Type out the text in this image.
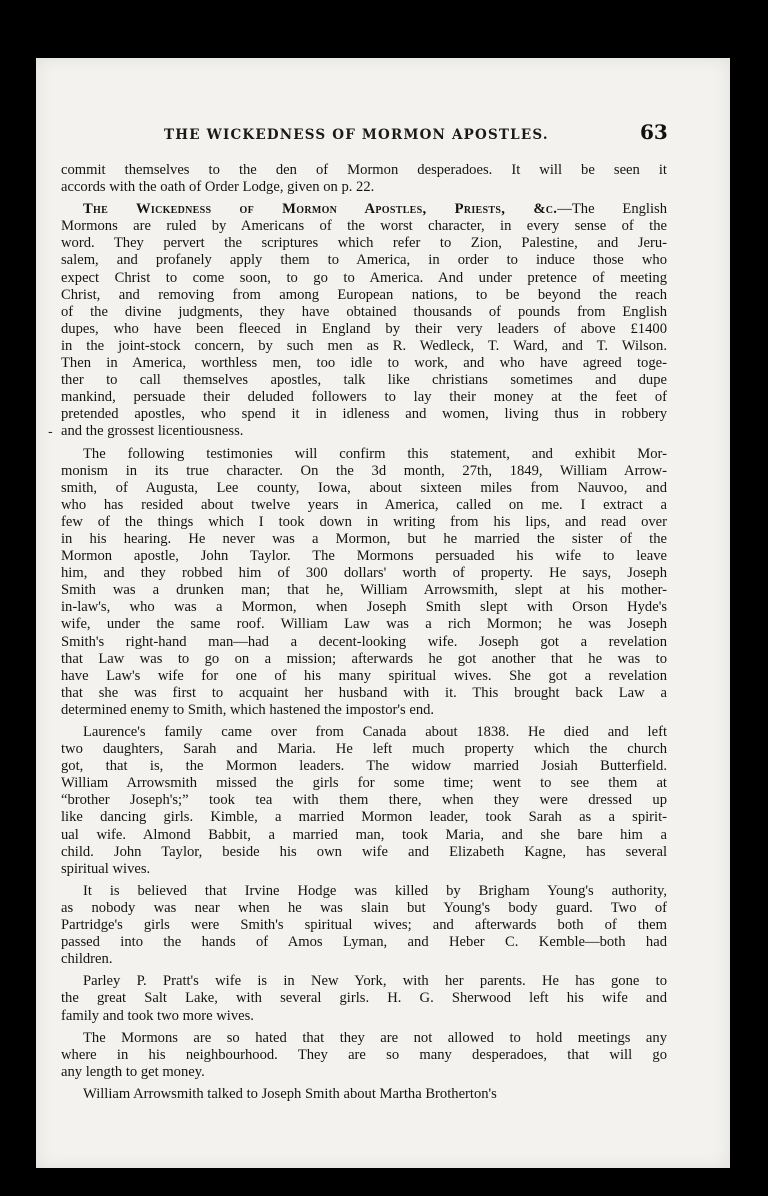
THE WICKEDNESS OF MORMON APOSTLES.	63
-
commit themselves to the den of Mormon desperadoes. It will be seen it
accords with the oath of Order Lodge, given on p. 22.
The Wickedness of Mormon Apostles, Priests, &c.—The English
Mormons are ruled by Americans of the worst character, in every sense of the
word. They pervert the scriptures which refer to Zion, Palestine, and Jeru-
salem, and profanely apply them to America, in order to induce those who
expect Christ to come soon, to go to America. And under pretence of meeting
Christ, and removing from among European nations, to be beyond the reach
of the divine judgments, they have obtained thousands of pounds from English
dupes, who have been fleeced in England by their very leaders of above £1400
in the joint-stock concern, by such men as R. Wedleck, T. Ward, and T. Wilson.
Then in America, worthless men, too idle to work, and who have agreed toge-
ther to call themselves apostles, talk like christians sometimes and dupe
mankind, persuade their deluded followers to lay their money at the feet of
pretended apostles, who spend it in idleness and women, living thus in robbery
and the grossest licentiousness.
The following testimonies will confirm this statement, and exhibit Mor-
monism in its true character. On the 3d month, 27th, 1849, William Arrow-
smith, of Augusta, Lee county, Iowa, about sixteen miles from Nauvoo, and
who has resided about twelve years in America, called on me. I extract a
few of the things which I took down in writing from his lips, and read over
in his hearing. He never was a Mormon, but he married the sister of the
Mormon apostle, John Taylor. The Mormons persuaded his wife to leave
him, and they robbed him of 300 dollars' worth of property. He says, Joseph
Smith was a drunken man; that he, William Arrowsmith, slept at his mother-
in-law's, who was a Mormon, when Joseph Smith slept with Orson Hyde's
wife, under the same roof. William Law was a rich Mormon; he was Joseph
Smith's right-hand man—had a decent-looking wife. Joseph got a revelation
that Law was to go on a mission; afterwards he got another that he was to
have Law's wife for one of his many spiritual wives. She got a revelation
that she was first to acquaint her husband with it. This brought back Law a
determined enemy to Smith, which hastened the impostor's end.
Laurence's family came over from Canada about 1838. He died and left
two daughters, Sarah and Maria. He left much property which the church
got, that is, the Mormon leaders. The widow married Josiah Butterfield.
William Arrowsmith missed the girls for some time; went to see them at
“brother Joseph's;” took tea with them there, when they were dressed up
like dancing girls. Kimble, a married Mormon leader, took Sarah as a spirit-
ual wife. Almond Babbit, a married man, took Maria, and she bare him a
child. John Taylor, beside his own wife and Elizabeth Kagne, has several
spiritual wives.
It is believed that Irvine Hodge was killed by Brigham Young's authority,
as nobody was near when he was slain but Young's body guard. Two of
Partridge's girls were Smith's spiritual wives; and afterwards both of them
passed into the hands of Amos Lyman, and Heber C. Kemble—both had
children.
Parley P. Pratt's wife is in New York, with her parents. He has gone to
the great Salt Lake, with several girls. H. G. Sherwood left his wife and
family and took two more wives.
The Mormons are so hated that they are not allowed to hold meetings any
where in his neighbourhood. They are so many desperadoes, that will go
any length to get money.
William Arrowsmith talked to Joseph Smith about Martha Brotherton's
